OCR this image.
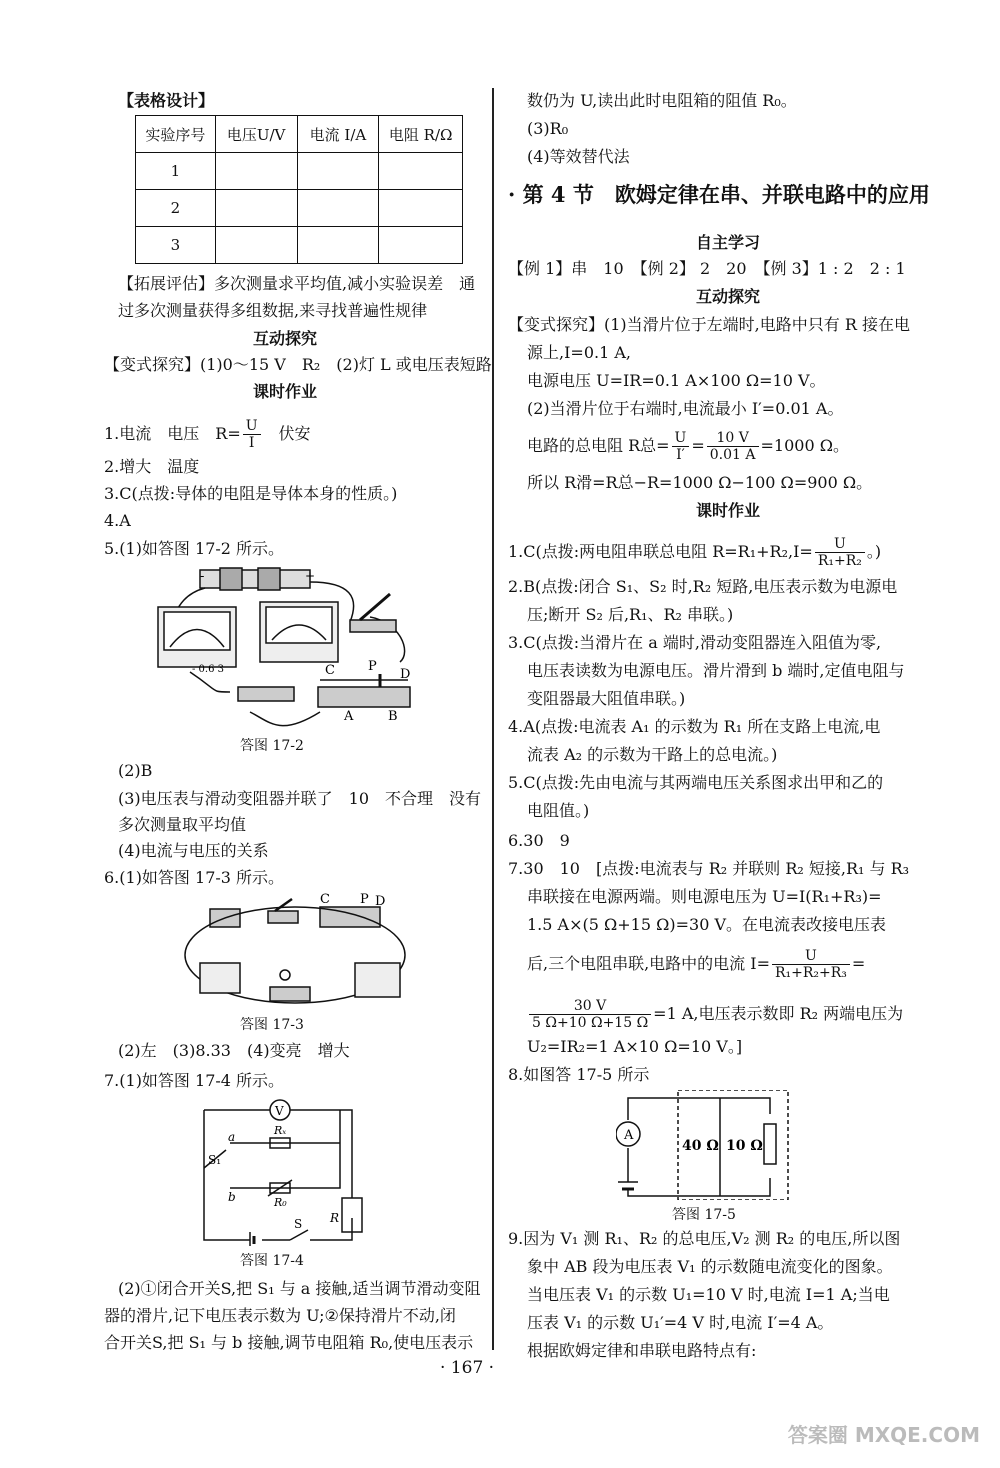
【表格设计】
实验序号	电压U/V	电流 I/A	电阻 R/Ω
1			
2			
3			
【拓展评估】多次测量求平均值,减小实验误差　通
过多次测量获得多组数据,来寻找普遍性规律
互动探究
【变式探究】(1)0～15 V　R₂　(2)灯 L 或电压表短路
课时作业
1.电流　电压　$R= \frac{U}{I}$ 　伏安
2.增大　温度
3.C(点拨:导体的电阻是导体本身的性质。)
4.A
5.(1)如答图 17-2 所示。
- 0.6 3
-	+
C	P
D
A	B
答图 17-2
(2)B
(3)电压表与滑动变阻器并联了　10　不合理　没有
多次测量取平均值
(4)电流与电压的关系
6.(1)如答图 17-3 所示。
C P D
答图 17-3
(2)左　(3)8.33　(4)变亮　增大
7.(1)如答图 17-4 所示。
V
a
b
S₁
Rₓ
R₀
R
S
答图 17-4
(2)①闭合开关S,把 S₁ 与 a 接触,适当调节滑动变阻
器的滑片,记下电压表示数为 U;②保持滑片不动,闭
合开关S,把 S₁ 与 b 接触,调节电阻箱 R₀,使电压表示
数仍为 U,读出此时电阻箱的阻值 R₀。
(3)R₀
(4)等效替代法
· 第 4 节　欧姆定律在串、并联电路中的应用
自主学习
【例 1】串　10　【例 2】 2　20　【例 3】1 : 2　2 : 1
互动探究
【变式探究】(1)当滑片位于左端时,电路中只有 R 接在电
源上,I=0.1 A,
电源电压 U=IR=0.1 A×100 Ω=10 V。
(2)当滑片位于右端时,电流最小 I′=0.01 A。
电路的总电阻 R总= $\frac{U}{I'} = \frac{10 V}{0.01 A} =1000$ Ω。
所以 R滑=R总−R=1000 Ω−100 Ω=900 Ω。
课时作业
1.C(点拨:两电阻串联总电阻 $R=R_1+R_2,I= \frac{U}{\text{R₁+R₂}}$ 。)
2.B(点拨:闭合 S₁、S₂ 时,R₂ 短路,电压表示数为电源电
压;断开 S₂ 后,R₁、R₂ 串联。)
3.C(点拨:当滑片在 a 端时,滑动变阻器连入阻值为零,
电压表读数为电源电压。滑片滑到 b 端时,定值电阻与
变阻器最大阻值串联。)
4.A(点拨:电流表 A₁ 的示数为 R₁ 所在支路上电流,电
流表 A₂ 的示数为干路上的总电流。)
5.C(点拨:先由电流与其两端电压关系图求出甲和乙的
电阻值。)
6.30　9
7.30　10　[点拨:电流表与 R₂ 并联则 R₂ 短接,R₁ 与 R₃
串联接在电源两端。则电源电压为 U=I(R₁+R₃)=
1.5 A×(5 Ω+15 Ω)=30 V。在电流表改接电压表
后,三个电阻串联,电路中的电流 $I= \frac{U}{\text{R₁+R₂+R₃}}$ =
$\frac{30 V}{5 \Omega+10 \Omega+15 \Omega} =1$ A,电压表示数即 R₂ 两端电压为
U₂=IR₂=1 A×10 Ω=10 V。]
8.如图答 17-5 所示
A
40 Ω 10 Ω
答图 17-5
9.因为 V₁ 测 R₁、R₂ 的总电压,V₂ 测 R₂ 的电压,所以图
象中 AB 段为电压表 V₁ 的示数随电流变化的图象。
当电压表 V₁ 的示数 U₁=10 V 时,电流 I=1 A;当电
压表 V₁ 的示数 U₁′=4 V 时,电流 I′=4 A。
根据欧姆定律和串联电路特点有:
· 167 ·
答案圈 MXQE.COM
